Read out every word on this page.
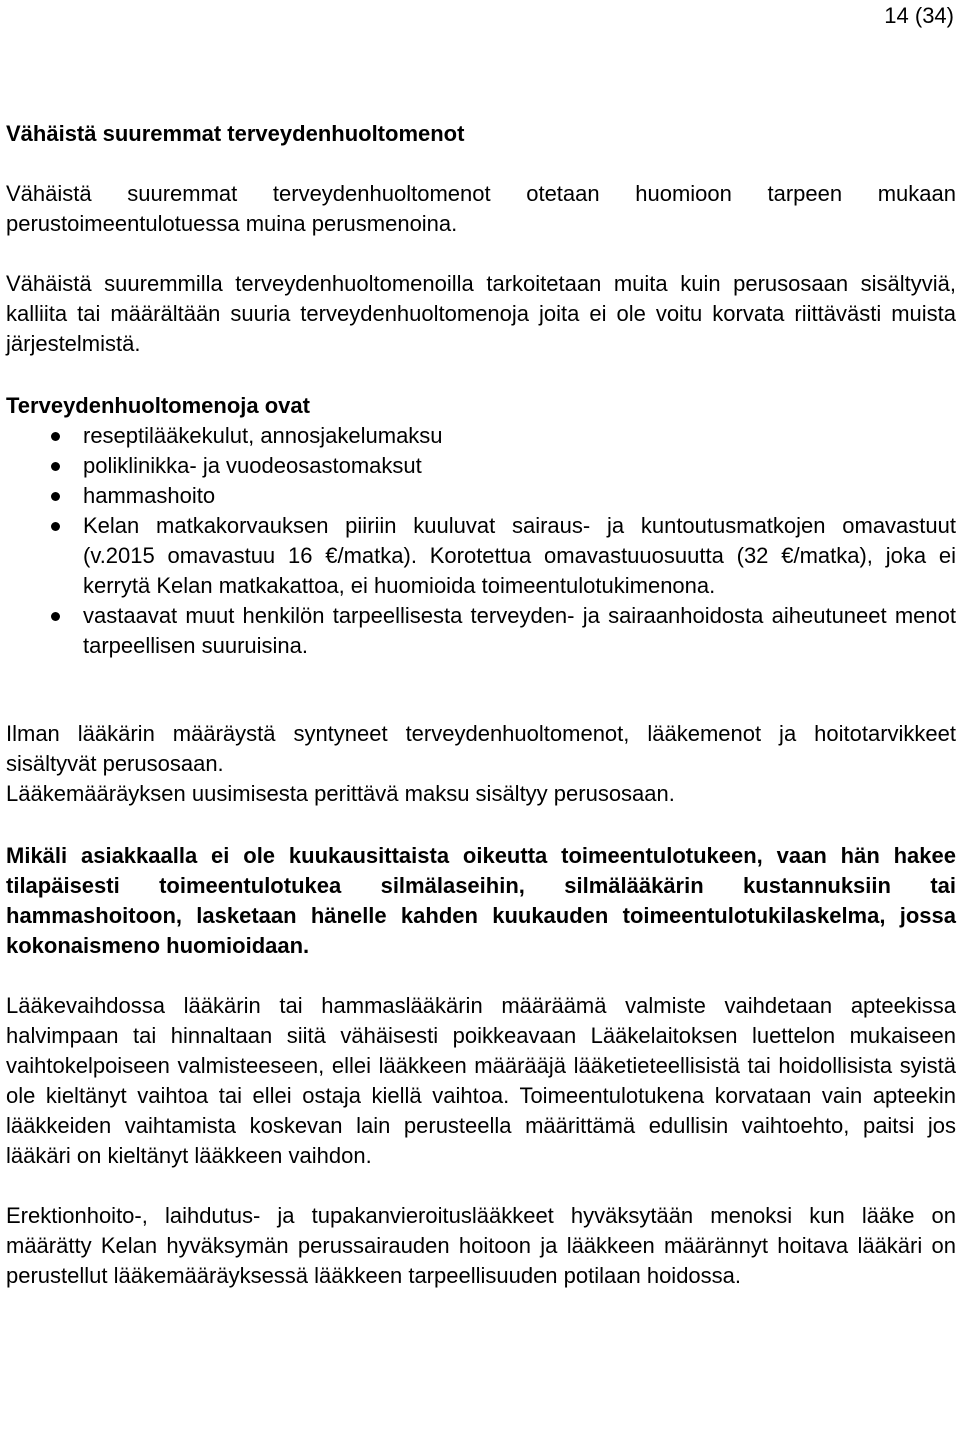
14 (34)
Vähäistä suuremmat terveydenhuoltomenot

Vähäistä suuremmat terveydenhuoltomenot otetaan huomioon tarpeen mukaan perustoimeentulotuessa muina perusmenoina.

Vähäistä suuremmilla terveydenhuoltomenoilla tarkoitetaan muita kuin perusosaan sisältyviä, kalliita tai määrältään suuria terveydenhuoltomenoja joita ei ole voitu korvata riittävästi muista järjestelmistä.

Terveydenhuoltomenoja ovat
reseptilääkekulut, annosjakelumaksu
poliklinikka- ja vuodeosastomaksut
hammashoito
Kelan matkakorvauksen piiriin kuuluvat sairaus- ja kuntoutusmatkojen omavastuut (v.2015 omavastuu 16 €/matka). Korotettua omavastuuosuutta (32 €/matka), joka ei kerrytä Kelan matkakattoa, ei huomioida toimeentulotukimenona.
vastaavat muut henkilön tarpeellisesta terveyden- ja sairaanhoidosta aiheutuneet menot tarpeellisen suuruisina.

Ilman lääkärin määräystä syntyneet terveydenhuoltomenot, lääkemenot ja hoitotarvikkeet sisältyvät perusosaan.

Lääkemääräyksen uusimisesta perittävä maksu sisältyy perusosaan.

Mikäli asiakkaalla ei ole kuukausittaista oikeutta toimeentulotukeen, vaan hän hakee tilapäisesti toimeentulotukea silmälaseihin, silmälääkärin kustannuksiin tai hammashoitoon, lasketaan hänelle kahden kuukauden toimeentulotukilaskelma, jossa kokonaismeno huomioidaan.

Lääkevaihdossa lääkärin tai hammaslääkärin määräämä valmiste vaihdetaan apteekissa halvimpaan tai hinnaltaan siitä vähäisesti poikkeavaan Lääkelaitoksen luettelon mukaiseen vaihtokelpoiseen valmisteeseen, ellei lääkkeen määrääjä lääketieteellisistä tai hoidollisista syistä ole kieltänyt vaihtoa tai ellei ostaja kiellä vaihtoa. Toimeentulotukena korvataan vain apteekin lääkkeiden vaihtamista koskevan lain perusteella määrittämä edullisin vaihtoehto, paitsi jos lääkäri on kieltänyt lääkkeen vaihdon.

Erektionhoito-, laihdutus- ja tupakanvieroituslääkkeet hyväksytään menoksi kun lääke on määrätty Kelan hyväksymän perussairauden hoitoon ja lääkkeen määrännyt hoitava lääkäri on perustellut lääkemääräyksessä lääkkeen tarpeellisuuden potilaan hoidossa.
